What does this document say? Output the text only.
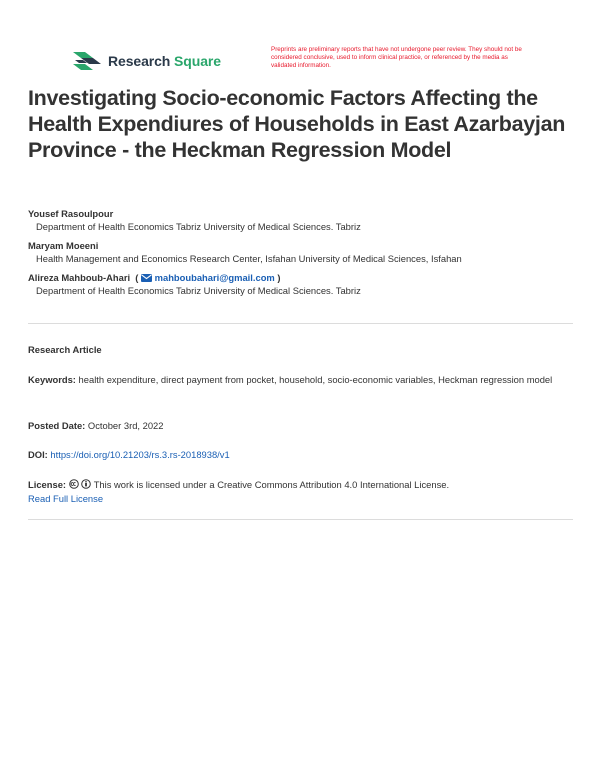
Research Square
Preprints are preliminary reports that have not undergone peer review. They should not be considered conclusive, used to inform clinical practice, or referenced by the media as validated information.
Investigating Socio-economic Factors Affecting the Health Expendiures of Households in East Azarbayjan Province - the Heckman Regression Model
Yousef Rasoulpour
Department of Health Economics Tabriz University of Medical Sciences. Tabriz
Maryam Moeeni
Health Management and Economics Research Center, Isfahan University of Medical Sciences, Isfahan
Alireza Mahboub-Ahari  (  mahboubahari@gmail.com )
Department of Health Economics Tabriz University of Medical Sciences. Tabriz
Research Article
Keywords: health expenditure, direct payment from pocket, household, socio-economic variables, Heckman regression model
Posted Date: October 3rd, 2022
DOI: https://doi.org/10.21203/rs.3.rs-2018938/v1
License:	This work is licensed under a Creative Commons Attribution 4.0 International License.
Read Full License
